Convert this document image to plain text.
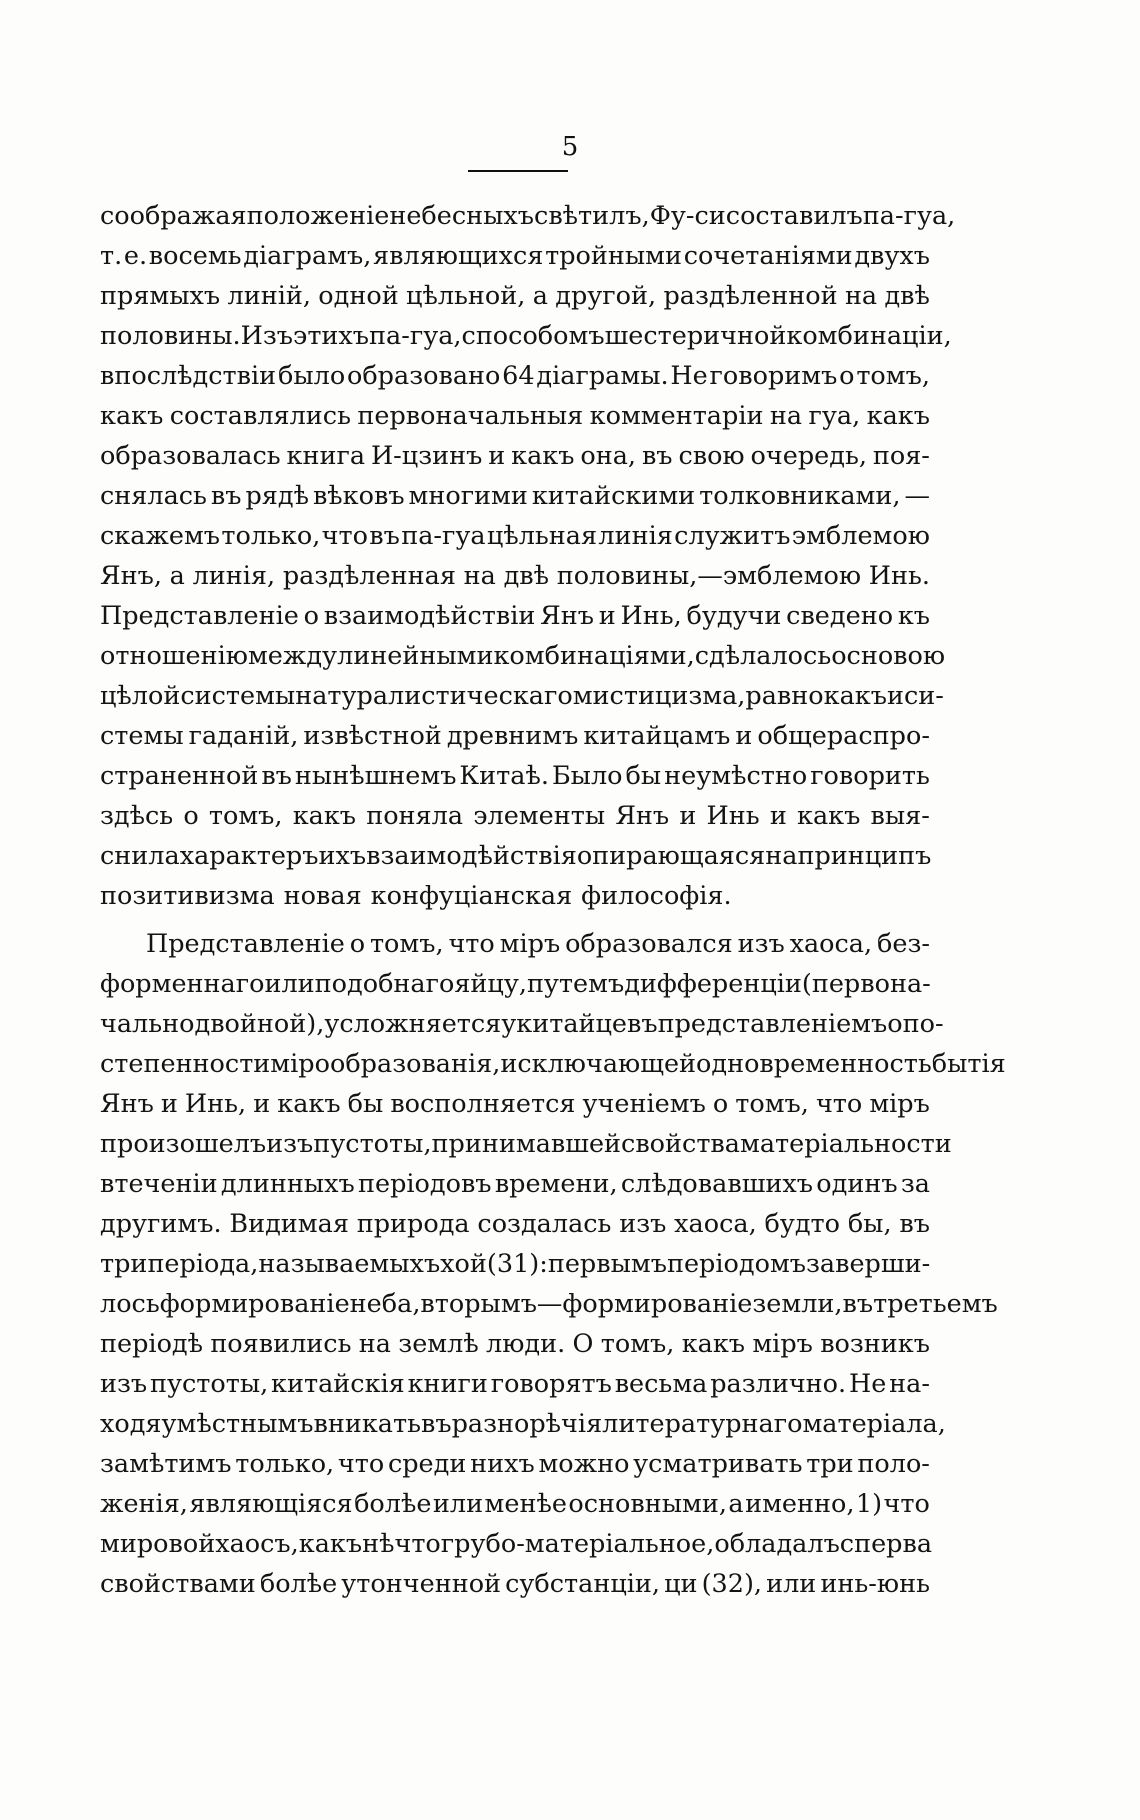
5
соображая положеніе небесныхъ свѣтилъ, Фу-си составилъ па-гуа,
т. е. восемь діаграмъ, являющихся тройными сочетаніями двухъ
прямыхъ линій, одной цѣльной, а другой, раздѣленной на двѣ
половины. Изъ этихъ па-гуа, способомъ шестеричной комбинаціи,
впослѣдствіи было образовано 64 діаграмы. Не говоримъ о томъ,
какъ составлялись первоначальныя комментаріи на гуа, какъ
образовалась книга И-цзинъ и какъ она, въ свою очередь, поя-
снялась въ рядѣ вѣковъ многими китайскими толковниками, —
скажемъ только, что въ па-гуа цѣльная линія служитъ эмблемою
Янъ, а линія, раздѣленная на двѣ половины,—эмблемою Инь.
Представленіе о взаимодѣйствіи Янъ и Инь, будучи сведено къ
отношенію между линейными комбинаціями, сдѣлалось основою
цѣлой системы натуралистическаго мистицизма, равно какъ и си-
стемы гаданій, извѣстной древнимъ китайцамъ и общераспро-
страненной въ нынѣшнемъ Китаѣ. Было бы неумѣстно говорить
здѣсь о томъ, какъ поняла элементы Янъ и Инь и какъ выя-
снила характеръ ихъ взаимодѣйствія опирающаяся на принципъ
позитивизма новая конфуціанская философія.
Представленіе о томъ, что міръ образовался изъ хаоса, без-
форменнаго или подобнаго яйцу, путемъ дифференціи (первона-
чально двойной), усложняется у китайцевъ представленіемъ о по-
степенности мірообразованія, исключающей одновременность бытія
Янъ и Инь, и какъ бы восполняется ученіемъ о томъ, что міръ
произошелъ изъ пустоты, принимавшей свойства матеріальности
втеченіи длинныхъ періодовъ времени, слѣдовавшихъ одинъ за
другимъ. Видимая природа создалась изъ хаоса, будто бы, въ
три періода, называемыхъ хой (31): первымъ періодомъ заверши-
лось формированіе неба, вторымъ—формированіе земли, въ третьемъ
періодѣ появились на землѣ люди. О томъ, какъ міръ возникъ
изъ пустоты, китайскія книги говорятъ весьма различно. Не на-
ходя умѣстнымъ вникать въ разнорѣчія литературнаго матеріала,
замѣтимъ только, что среди нихъ можно усматривать три поло-
женія, являющіяся болѣе или менѣе основными, а именно, 1) что
мировой хаосъ, какъ нѣчто грубо-матеріальное, обладалъ сперва
свойствами болѣе утонченной субстанціи, ци (32), или инь-юнь
